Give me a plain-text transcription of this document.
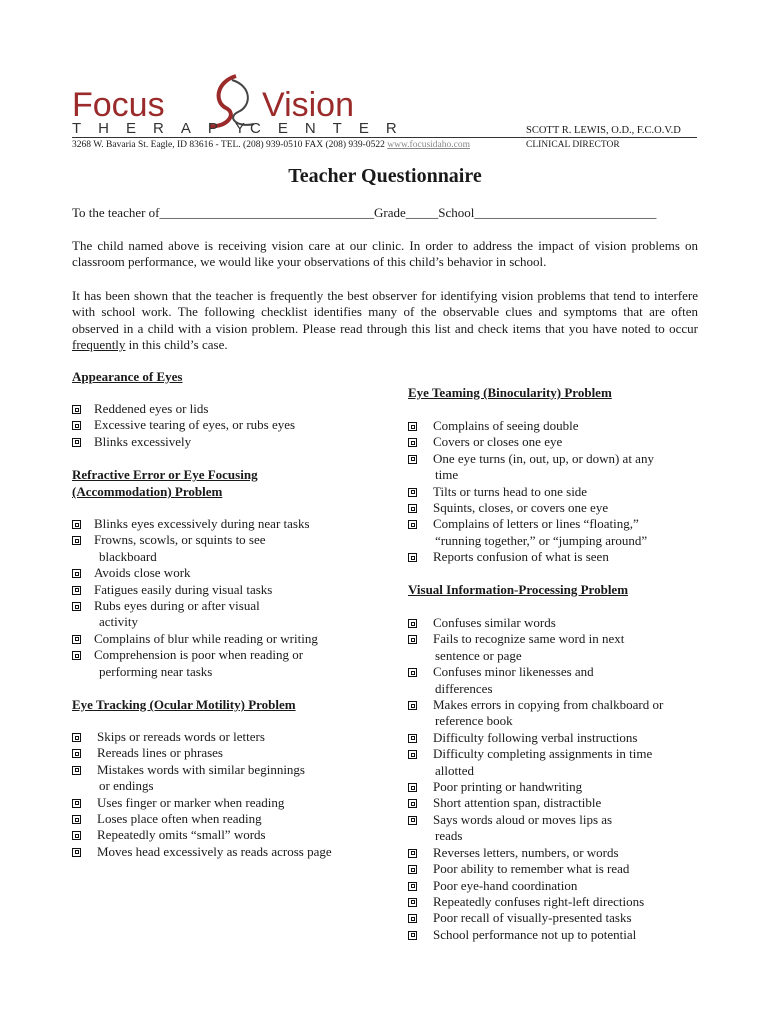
Focus	Vision
THERAPY
CENTER	SCOTT R. LEWIS, O.D., F.C.O.V.D
3268 W. Bavaria St. Eagle, ID 83616 - TEL. (208) 939-0510 FAX (208) 939-0522 www.focusidaho.com	CLINICAL DIRECTOR
Teacher Questionnaire
To the teacher of_________________________________Grade_____School____________________________
The child named above is receiving vision care at our clinic. In order to address the impact of vision problems on classroom performance, we would like your observations of this child’s behavior in school.
It has been shown that the teacher is frequently the best observer for identifying vision problems that tend to interfere with school work. The following checklist identifies many of the observable clues and symptoms that are often observed in a child with a vision problem. Please read through this list and check items that you have noted to occur frequently in this child’s case.
Appearance of Eyes
Reddened eyes or lids
Excessive tearing of eyes, or rubs eyes
Blinks excessively
Refractive Error or Eye Focusing
(Accommodation) Problem
Blinks eyes excessively during near tasks
Frowns, scowls, or squints to see
blackboard
Avoids close work
Fatigues easily during visual tasks
Rubs eyes during or after visual
activity
Complains of blur while reading or writing
Comprehension is poor when reading or
performing near tasks
Eye Tracking (Ocular Motility) Problem
Skips or rereads words or letters
Rereads lines or phrases
Mistakes words with similar beginnings
or endings
Uses finger or marker when reading
Loses place often when reading
Repeatedly omits “small” words
Moves head excessively as reads across page
Eye Teaming (Binocularity) Problem
Complains of seeing double
Covers or closes one eye
One eye turns (in, out, up, or down) at any
time
Tilts or turns head to one side
Squints, closes, or covers one eye
Complains of letters or lines “floating,”
“running together,” or “jumping around”
Reports confusion of what is seen
Visual Information-Processing Problem
Confuses similar words
Fails to recognize same word in next
sentence or page
Confuses minor likenesses and
differences
Makes errors in copying from chalkboard or
reference book
Difficulty following verbal instructions
Difficulty completing assignments in time
allotted
Poor printing or handwriting
Short attention span, distractible
Says words aloud or moves lips as
reads
Reverses letters, numbers, or words
Poor ability to remember what is read
Poor eye-hand coordination
Repeatedly confuses right-left directions
Poor recall of visually-presented tasks
School performance not up to potential
